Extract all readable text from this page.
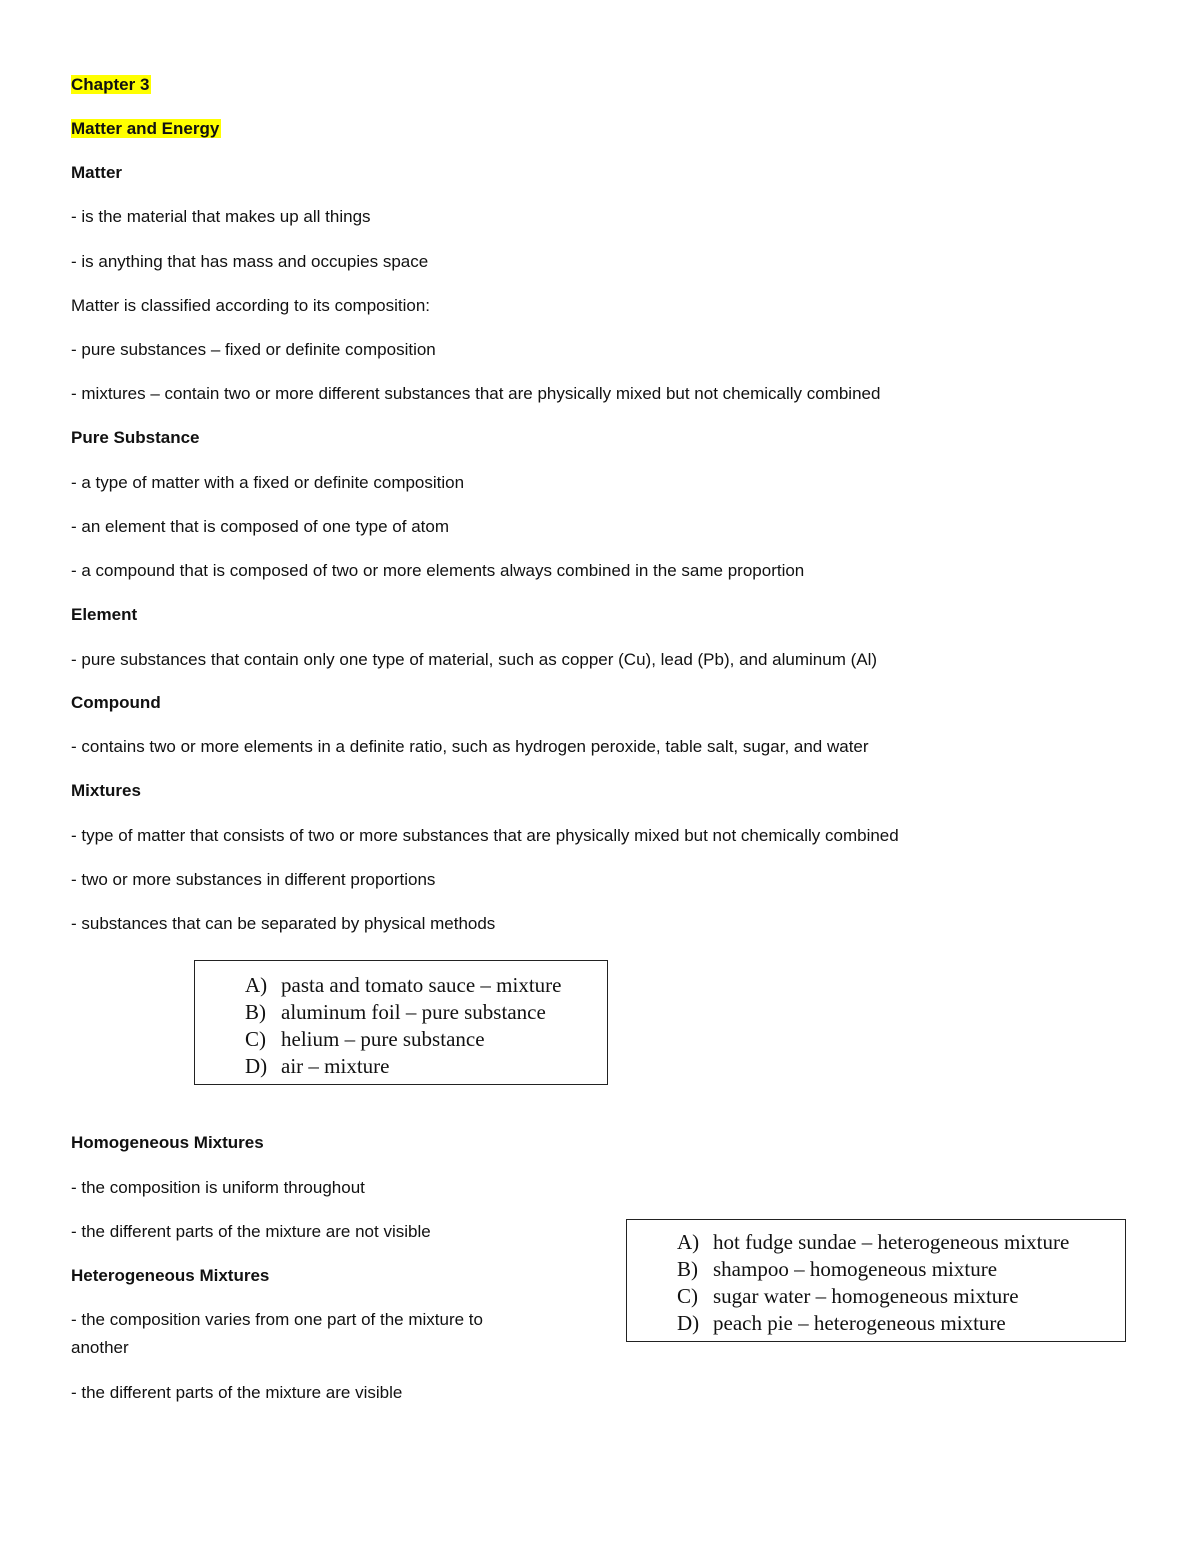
Chapter 3
Matter and Energy
Matter
- is the material that makes up all things
- is anything that has mass and occupies space
Matter is classified according to its composition:
- pure substances – fixed or definite composition
- mixtures – contain two or more different substances that are physically mixed but not chemically combined
Pure Substance
- a type of matter with a fixed or definite composition
- an element that is composed of one type of atom
- a compound that is composed of two or more elements always combined in the same proportion
Element
- pure substances that contain only one type of material, such as copper (Cu), lead (Pb), and aluminum (Al)
Compound
- contains two or more elements in a definite ratio, such as hydrogen peroxide, table salt, sugar, and water
Mixtures
- type of matter that consists of two or more substances that are physically mixed but not chemically combined
- two or more substances in different proportions
- substances that can be separated by physical methods
A) pasta and tomato sauce – mixture
B) aluminum foil – pure substance
C) helium – pure substance
D) air – mixture
Homogeneous Mixtures
- the composition is uniform throughout
- the different parts of the mixture are not visible
Heterogeneous Mixtures
- the composition varies from one part of the mixture to
another
- the different parts of the mixture are visible
A) hot fudge sundae – heterogeneous mixture
B) shampoo – homogeneous mixture
C) sugar water – homogeneous mixture
D) peach pie – heterogeneous mixture
